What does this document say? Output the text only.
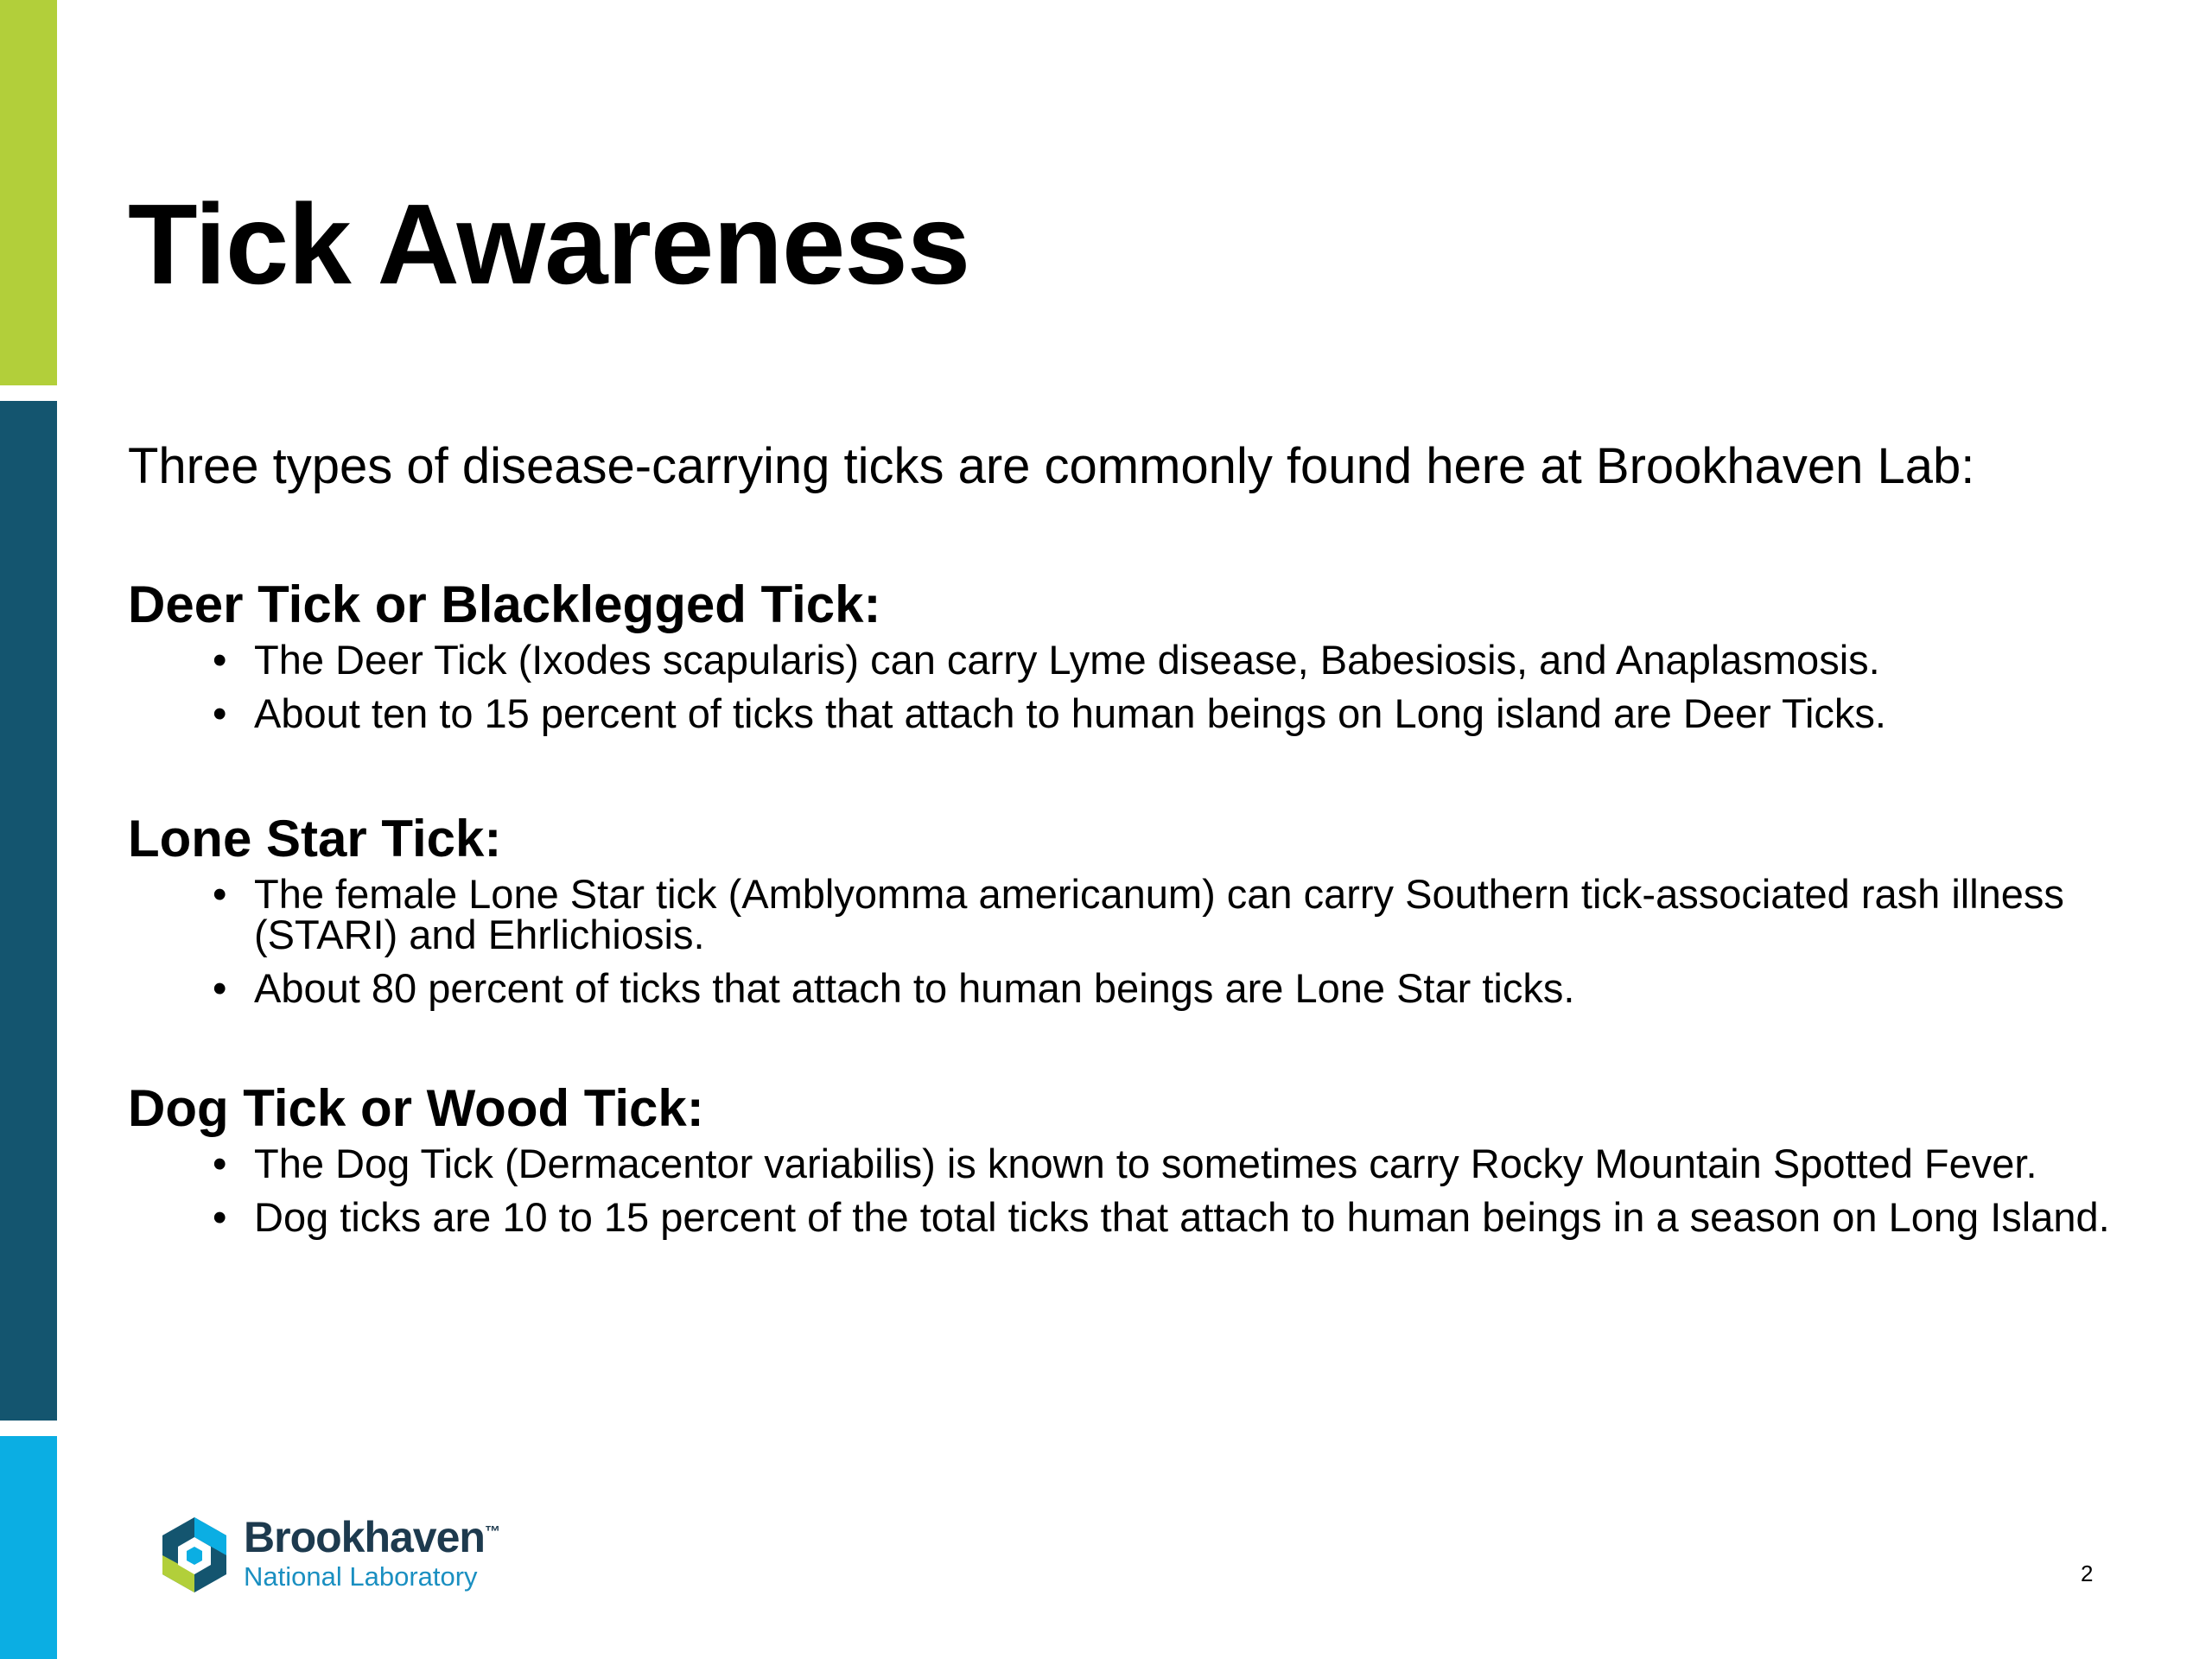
Tick Awareness

Three types of disease-carrying ticks are commonly found here at Brookhaven Lab:

Deer Tick or Blacklegged Tick:
• The Deer Tick (Ixodes scapularis) can carry Lyme disease, Babesiosis, and Anaplasmosis.
• About ten to 15 percent of ticks that attach to human beings on Long island are Deer Ticks.
Lone Star Tick:
• The female Lone Star tick (Amblyomma americanum) can carry Southern tick-associated rash illness (STARI) and Ehrlichiosis.
• About 80 percent of ticks that attach to human beings are Lone Star ticks.
Dog Tick or Wood Tick:
• The Dog Tick (Dermacentor variabilis) is known to sometimes carry Rocky Mountain Spotted Fever.
• Dog ticks are 10 to 15 percent of the total ticks that attach to human beings in a season on Long Island.
Brookhaven™
National Laboratory	2
